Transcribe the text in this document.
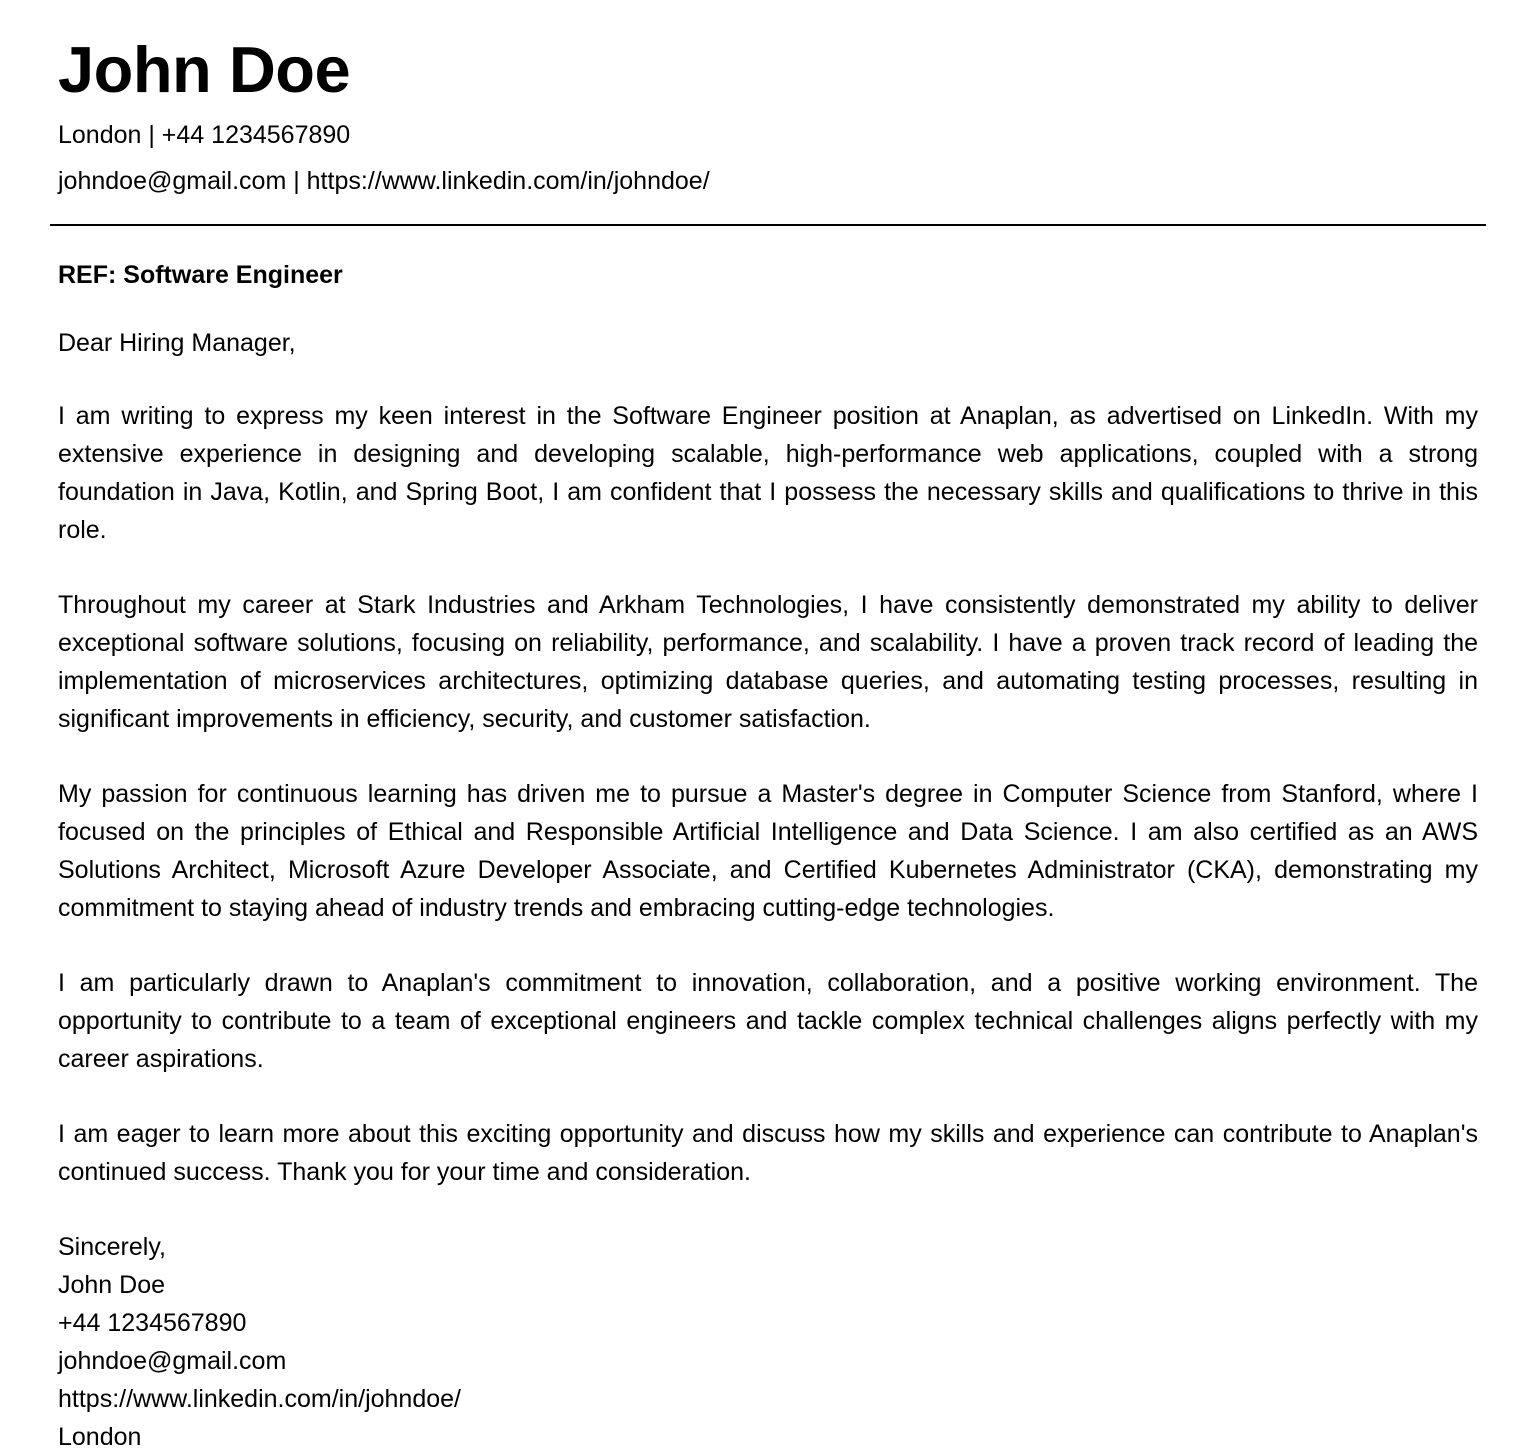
John Doe

London | +44 1234567890

johndoe@gmail.com | https://www.linkedin.com/in/johndoe/

REF: Software Engineer

Dear Hiring Manager,

I am writing to express my keen interest in the Software Engineer position at Anaplan, as advertised on LinkedIn. With my extensive experience in designing and developing scalable, high-performance web applications, coupled with a strong foundation in Java, Kotlin, and Spring Boot, I am confident that I possess the necessary skills and qualifications to thrive in this role.

Throughout my career at Stark Industries and Arkham Technologies, I have consistently demonstrated my ability to deliver exceptional software solutions, focusing on reliability, performance, and scalability. I have a proven track record of leading the implementation of microservices architectures, optimizing database queries, and automating testing processes, resulting in significant improvements in efficiency, security, and customer satisfaction.

My passion for continuous learning has driven me to pursue a Master's degree in Computer Science from Stanford, where I focused on the principles of Ethical and Responsible Artificial Intelligence and Data Science. I am also certified as an AWS Solutions Architect, Microsoft Azure Developer Associate, and Certified Kubernetes Administrator (CKA), demonstrating my commitment to staying ahead of industry trends and embracing cutting-edge technologies.

I am particularly drawn to Anaplan's commitment to innovation, collaboration, and a positive working environment. The opportunity to contribute to a team of exceptional engineers and tackle complex technical challenges aligns perfectly with my career aspirations.

I am eager to learn more about this exciting opportunity and discuss how my skills and experience can contribute to Anaplan's continued success. Thank you for your time and consideration.

Sincerely,
John Doe
+44 1234567890
johndoe@gmail.com
https://www.linkedin.com/in/johndoe/
London
